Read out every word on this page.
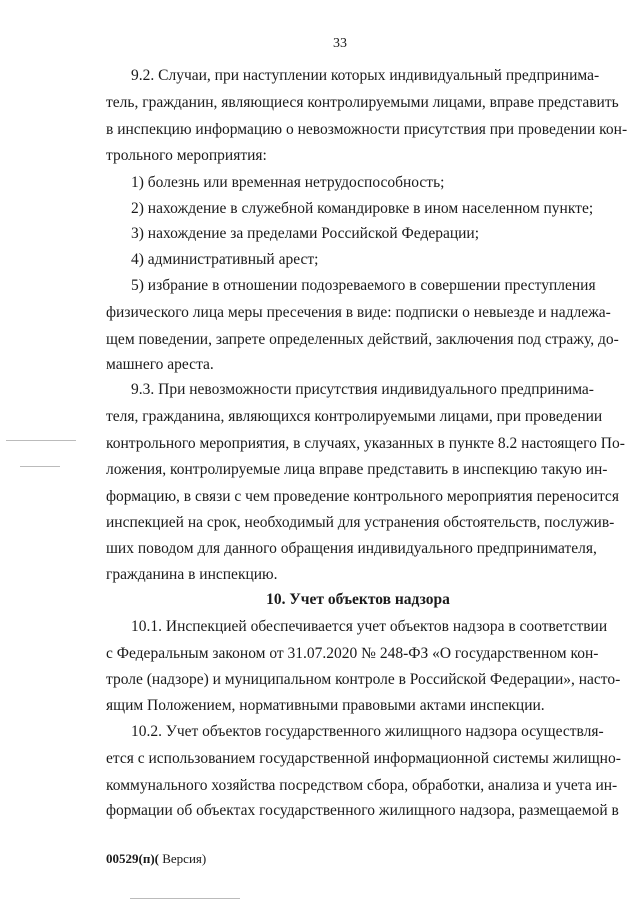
33
9.2. Случаи, при наступлении которых индивидуальный предпринима-
тель, гражданин, являющиеся контролируемыми лицами, вправе представить
в инспекцию информацию о невозможности присутствия при проведении кон-
трольного мероприятия:
1) болезнь или временная нетрудоспособность;
2) нахождение в служебной командировке в ином населенном пункте;
3) нахождение за пределами Российской Федерации;
4) административный арест;
5) избрание в отношении подозреваемого в совершении преступления
физического лица меры пресечения в виде: подписки о невыезде и надлежа-
щем поведении, запрете определенных действий, заключения под стражу, до-
машнего ареста.
9.3. При невозможности присутствия индивидуального предпринима-
теля, гражданина, являющихся контролируемыми лицами, при проведении
контрольного мероприятия, в случаях, указанных в пункте 8.2 настоящего По-
ложения, контролируемые лица вправе представить в инспекцию такую ин-
формацию, в связи с чем проведение контрольного мероприятия переносится
инспекцией на срок, необходимый для устранения обстоятельств, послужив-
ших поводом для данного обращения индивидуального предпринимателя,
гражданина в инспекцию.
10. Учет объектов надзора
10.1. Инспекцией обеспечивается учет объектов надзора в соответствии
с Федеральным законом от 31.07.2020 № 248-ФЗ «О государственном кон-
троле (надзоре) и муниципальном контроле в Российской Федерации», насто-
ящим Положением, нормативными правовыми актами инспекции.
10.2. Учет объектов государственного жилищного надзора осуществля-
ется с использованием государственной информационной системы жилищно-
коммунального хозяйства посредством сбора, обработки, анализа и учета ин-
формации об объектах государственного жилищного надзора, размещаемой в
00529(п)( Версия)
